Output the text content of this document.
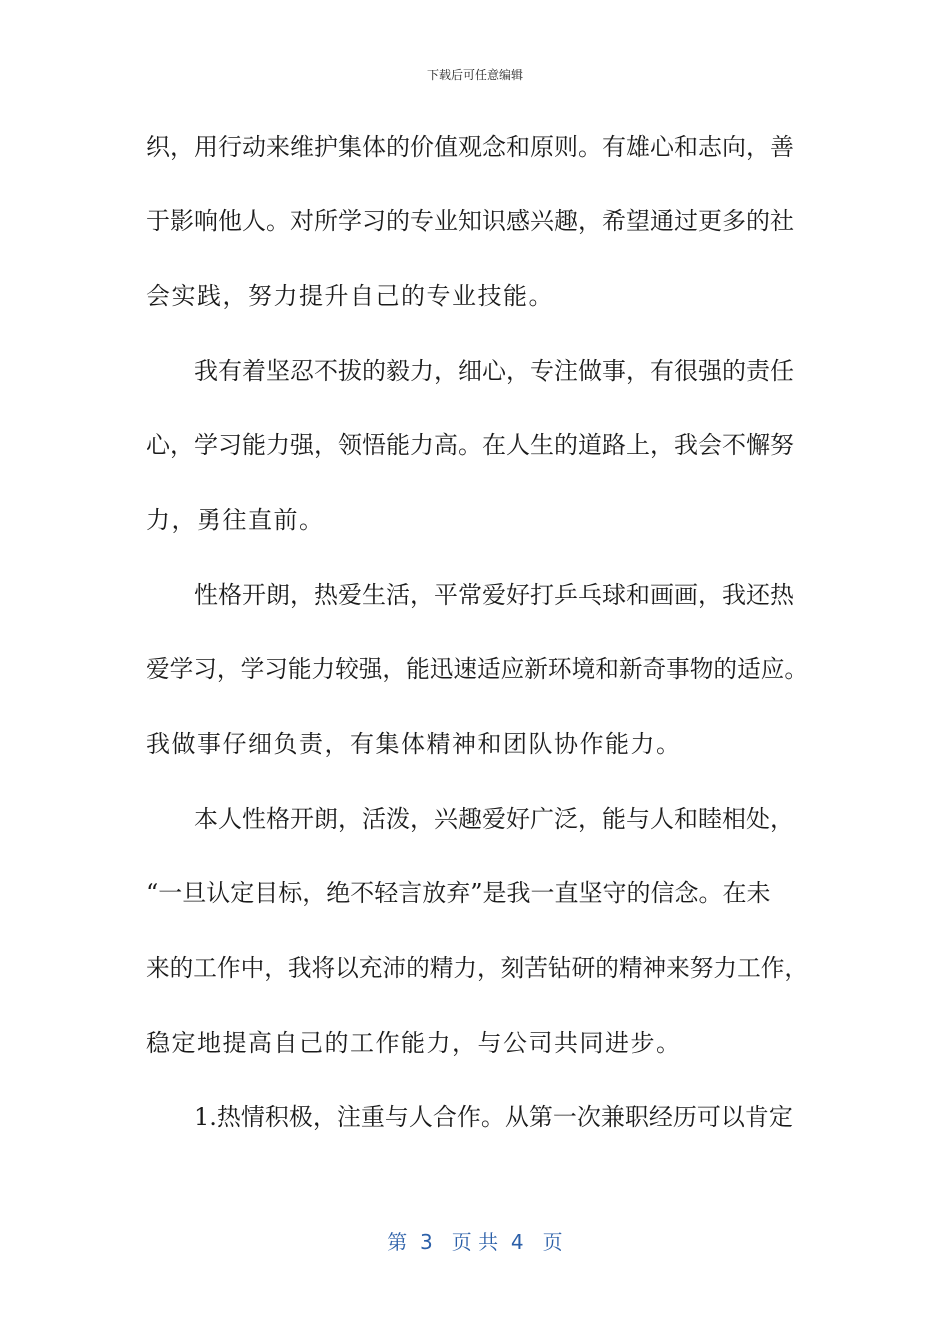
下载后可任意编辑
织，用行动来维护集体的价值观念和原则。有雄心和志向，善
于影响他人。对所学习的专业知识感兴趣，希望通过更多的社
会实践，努力提升自己的专业技能。
我有着坚忍不拔的毅力，细心，专注做事，有很强的责任
心，学习能力强，领悟能力高。在人生的道路上，我会不懈努
力，勇往直前。
性格开朗，热爱生活，平常爱好打乒乓球和画画，我还热
爱学习，学习能力较强，能迅速适应新环境和新奇事物的适应。
我做事仔细负责，有集体精神和团队协作能力。
本人性格开朗，活泼，兴趣爱好广泛，能与人和睦相处，
“一旦认定目标，绝不轻言放弃”是我一直坚守的信念。在未
来的工作中，我将以充沛的精力，刻苦钻研的精神来努力工作，
稳定地提高自己的工作能力，与公司共同进步。
1.热情积极，注重与人合作。从第一次兼职经历可以肯定
第  3   页 共  4   页
